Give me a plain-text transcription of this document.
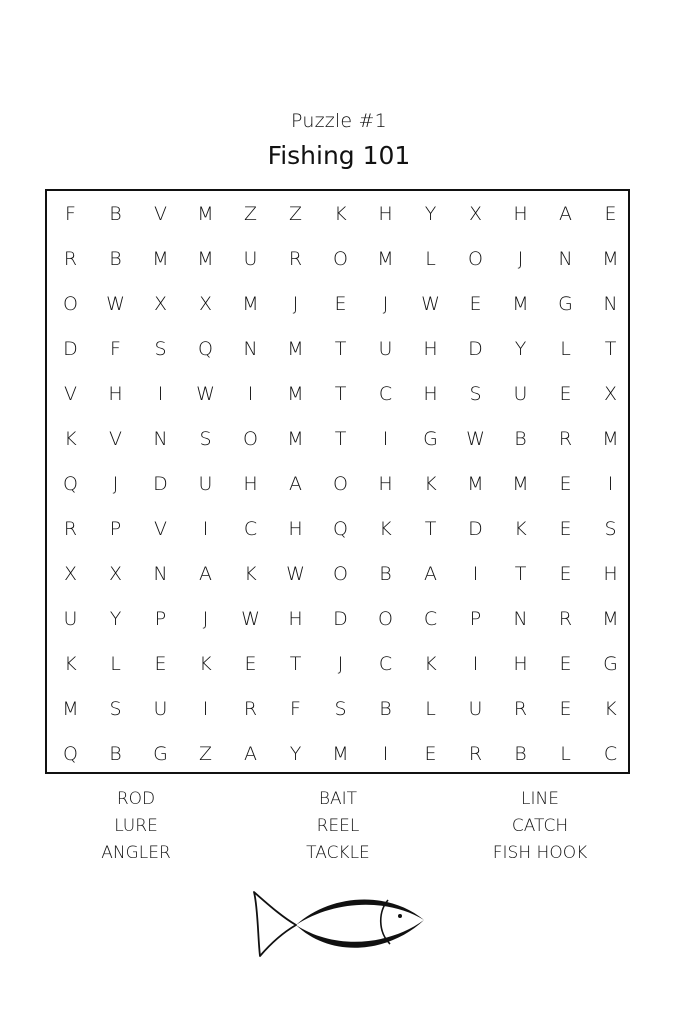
Puzzle #1
Fishing 101
F	B	V	M	Z	Z	K	H	Y	X	H	A	E
R	B	M	M	U	R	O	M	L	O	J	N	M
O	W	X	X	M	J	E	J	W	E	M	G	N
D	F	S	Q	N	M	T	U	H	D	Y	L	T
V	H	I	W	I	M	T	C	H	S	U	E	X
K	V	N	S	O	M	T	I	G	W	B	R	M
Q	J	D	U	H	A	O	H	K	M	M	E	I
R	P	V	I	C	H	Q	K	T	D	K	E	S
X	X	N	A	K	W	O	B	A	I	T	E	H
U	Y	P	J	W	H	D	O	C	P	N	R	M
K	L	E	K	E	T	J	C	K	I	H	E	G
M	S	U	I	R	F	S	B	L	U	R	E	K
Q	B	G	Z	A	Y	M	I	E	R	B	L	C
ROD
LURE
ANGLER
BAIT
REEL
TACKLE
LINE
CATCH
FISH HOOK
